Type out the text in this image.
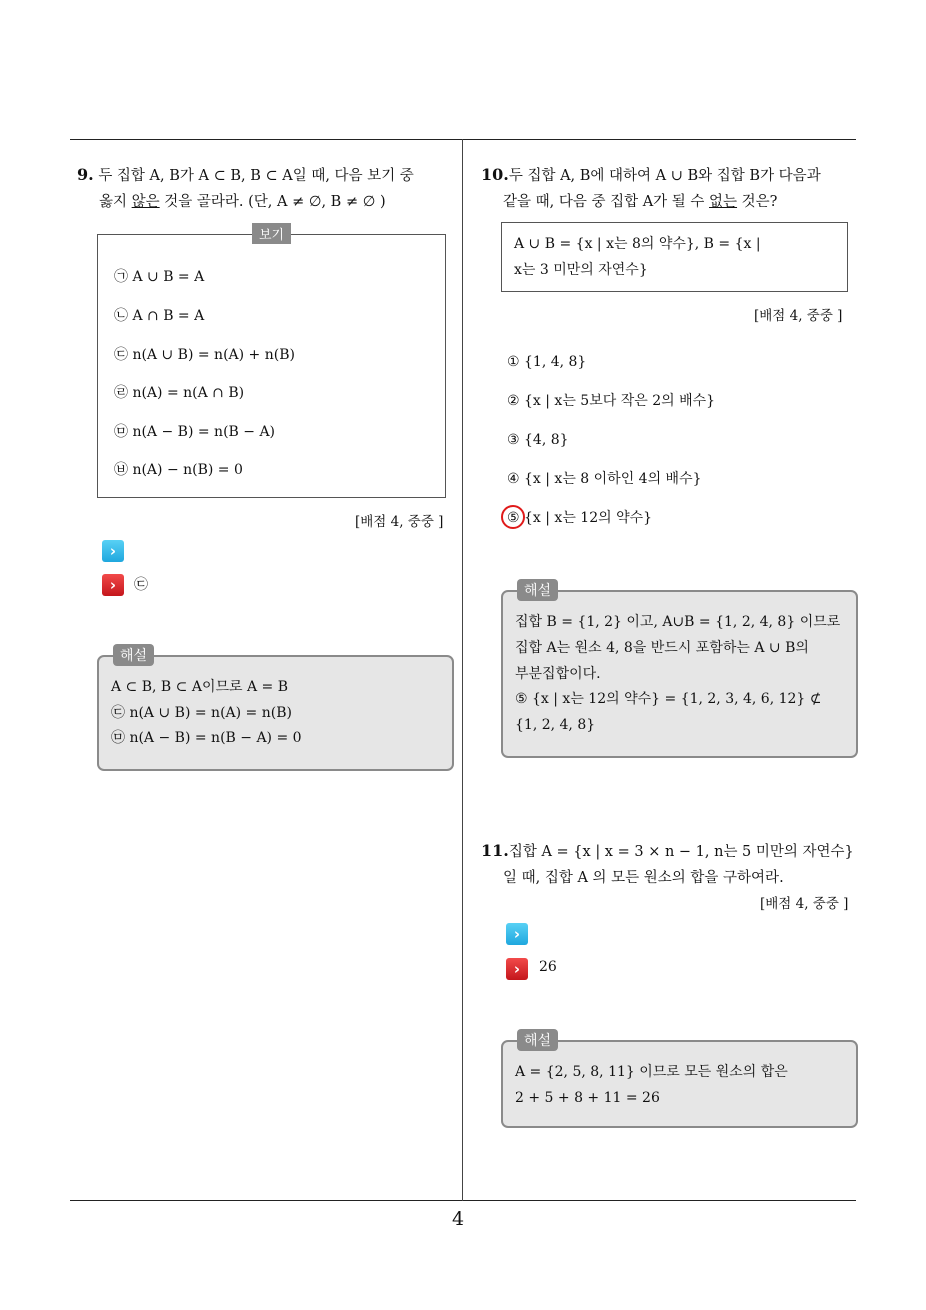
9. 두 집합 A, B가 A ⊂ B, B ⊂ A일 때, 다음 보기 중
옳지 않은 것을 골라라. (단, A ≠ ∅, B ≠ ∅ )
보기
㉠ A ∪ B = A
㉡ A ∩ B = A
㉢ n(A ∪ B) = n(A) + n(B)
㉣ n(A) = n(A ∩ B)
㉤ n(A − B) = n(B − A)
㉥ n(A) − n(B) = 0
[배점 4, 중중 ]
›
›	㉢
해설
A ⊂ B, B ⊂ A이므로 A = B
㉢ n(A ∪ B) = n(A) = n(B)
㉤ n(A − B) = n(B − A) = 0
10.두 집합 A, B에 대하여 A ∪ B와 집합 B가 다음과
같을 때, 다음 중 집합 A가 될 수 없는 것은?
A ∪ B = {x | x는 8의 약수}, B = {x |
x는 3 미만의 자연수}
[배점 4, 중중 ]
① {1, 4, 8}
② {x | x는 5보다 작은 2의 배수}
③ {4, 8}
④ {x | x는 8 이하인 4의 배수}
⑤ {x | x는 12의 약수}
해설
집합 B = {1, 2} 이고, A∪B = {1, 2, 4, 8} 이므로
집합 A는 원소 4, 8을 반드시 포함하는 A ∪ B의
부분집합이다.
⑤ {x | x는 12의 약수} = {1, 2, 3, 4, 6, 12} ⊄
{1, 2, 4, 8}
11.집합 A = {x | x = 3 × n − 1, n는 5 미만의 자연수}
일 때, 집합 A 의 모든 원소의 합을 구하여라.
[배점 4, 중중 ]
›
›	26
해설
A = {2, 5, 8, 11} 이므로 모든 원소의 합은
2 + 5 + 8 + 11 = 26
4
